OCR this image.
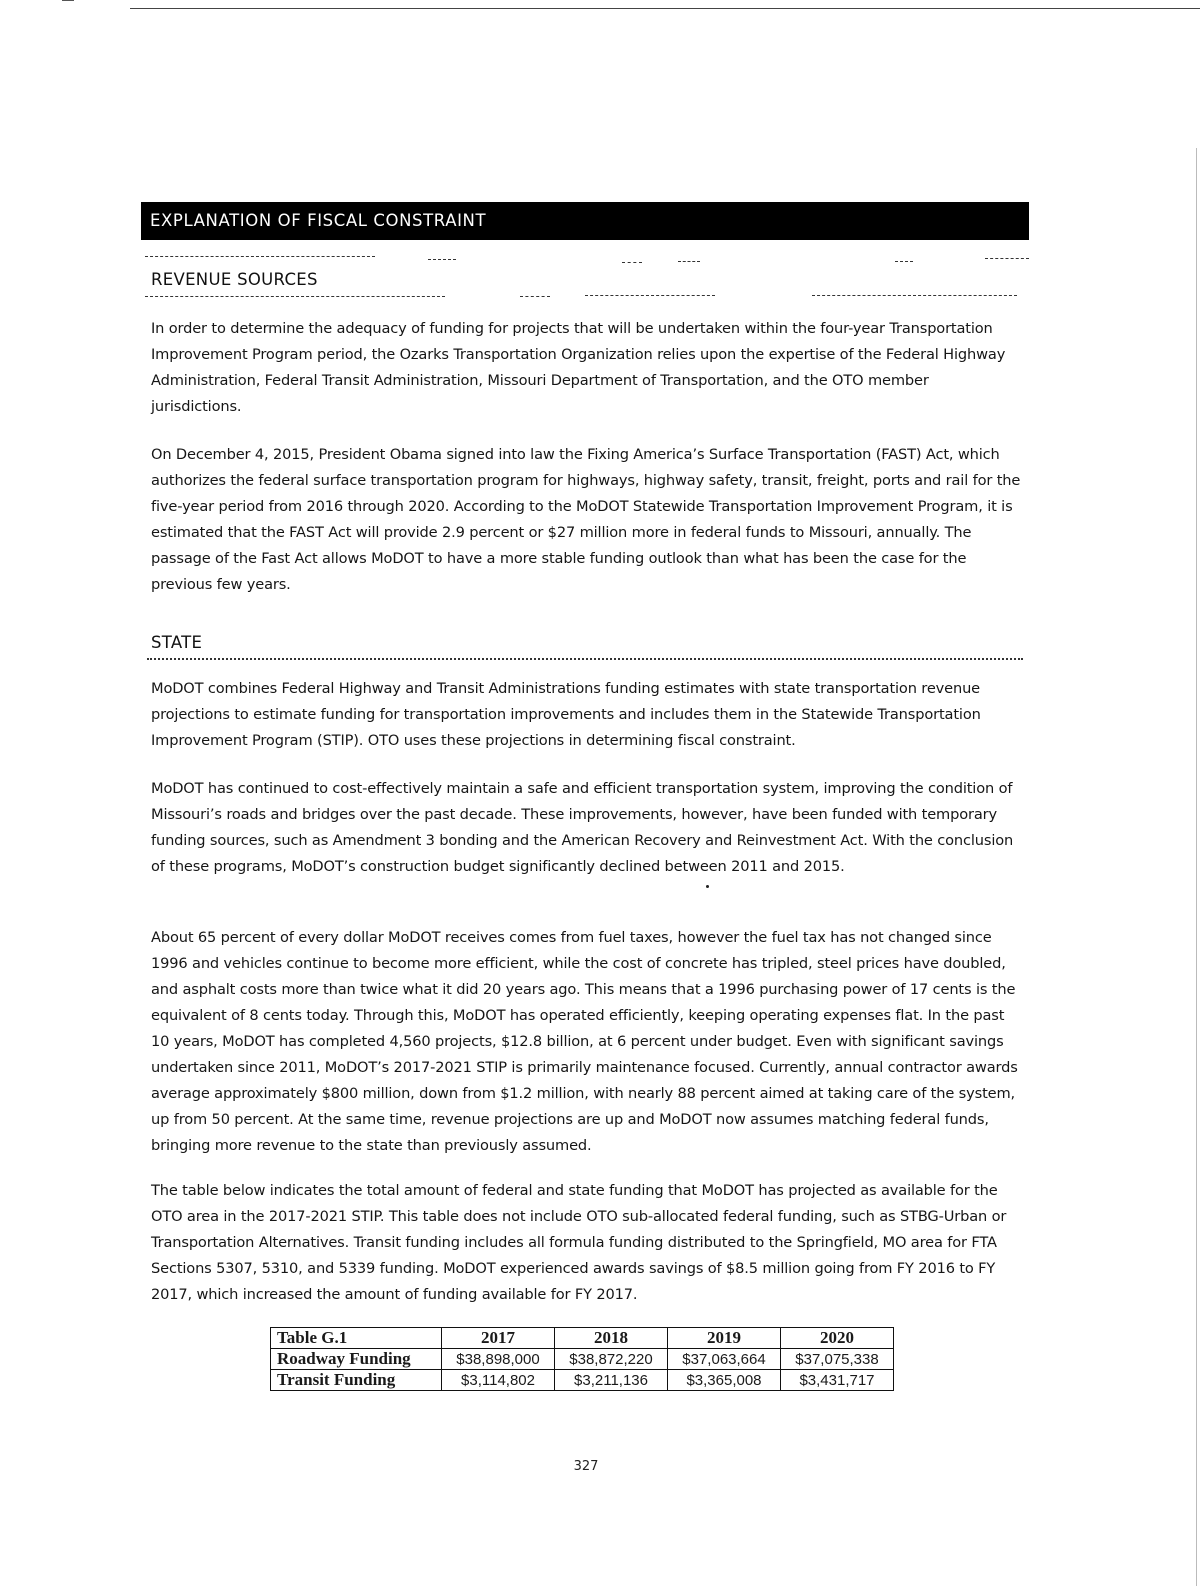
EXPLANATION OF FISCAL CONSTRAINT
REVENUE SOURCES

In order to determine the adequacy of funding for projects that will be undertaken within the four-year Transportation Improvement Program period, the Ozarks Transportation Organization relies upon the expertise of the Federal Highway Administration, Federal Transit Administration, Missouri Department of Transportation, and the OTO member jurisdictions.

On December 4, 2015, President Obama signed into law the Fixing America’s Surface Transportation (FAST) Act, which authorizes the federal surface transportation program for highways, highway safety, transit, freight, ports and rail for the five-year period from 2016 through 2020. According to the MoDOT Statewide Transportation Improvement Program, it is estimated that the FAST Act will provide 2.9 percent or $27 million more in federal funds to Missouri, annually. The passage of the Fast Act allows MoDOT to have a more stable funding outlook than what has been the case for the previous few years.

STATE

MoDOT combines Federal Highway and Transit Administrations funding estimates with state transportation revenue projections to estimate funding for transportation improvements and includes them in the Statewide Transportation Improvement Program (STIP). OTO uses these projections in determining fiscal constraint.

MoDOT has continued to cost-effectively maintain a safe and efficient transportation system, improving the condition of Missouri’s roads and bridges over the past decade. These improvements, however, have been funded with temporary funding sources, such as Amendment 3 bonding and the American Recovery and Reinvestment Act. With the conclusion of these programs, MoDOT’s construction budget significantly declined between 2011 and 2015.

About 65 percent of every dollar MoDOT receives comes from fuel taxes, however the fuel tax has not changed since 1996 and vehicles continue to become more efficient, while the cost of concrete has tripled, steel prices have doubled, and asphalt costs more than twice what it did 20 years ago. This means that a 1996 purchasing power of 17 cents is the equivalent of 8 cents today. Through this, MoDOT has operated efficiently, keeping operating expenses flat. In the past 10 years, MoDOT has completed 4,560 projects, $12.8 billion, at 6 percent under budget. Even with significant savings undertaken since 2011, MoDOT’s 2017-2021 STIP is primarily maintenance focused. Currently, annual contractor awards average approximately $800 million, down from $1.2 million, with nearly 88 percent aimed at taking care of the system, up from 50 percent. At the same time, revenue projections are up and MoDOT now assumes matching federal funds, bringing more revenue to the state than previously assumed.

The table below indicates the total amount of federal and state funding that MoDOT has projected as available for the OTO area in the 2017-2021 STIP. This table does not include OTO sub-allocated federal funding, such as STBG-Urban or Transportation Alternatives. Transit funding includes all formula funding distributed to the Springfield, MO area for FTA Sections 5307, 5310, and 5339 funding. MoDOT experienced awards savings of $8.5 million going from FY 2016 to FY 2017, which increased the amount of funding available for FY 2017.

Table G.1	2017	2018	2019	2020
Roadway Funding	$38,898,000	$38,872,220	$37,063,664	$37,075,338
Transit Funding	$3,114,802	$3,211,136	$3,365,008	$3,431,717
327
